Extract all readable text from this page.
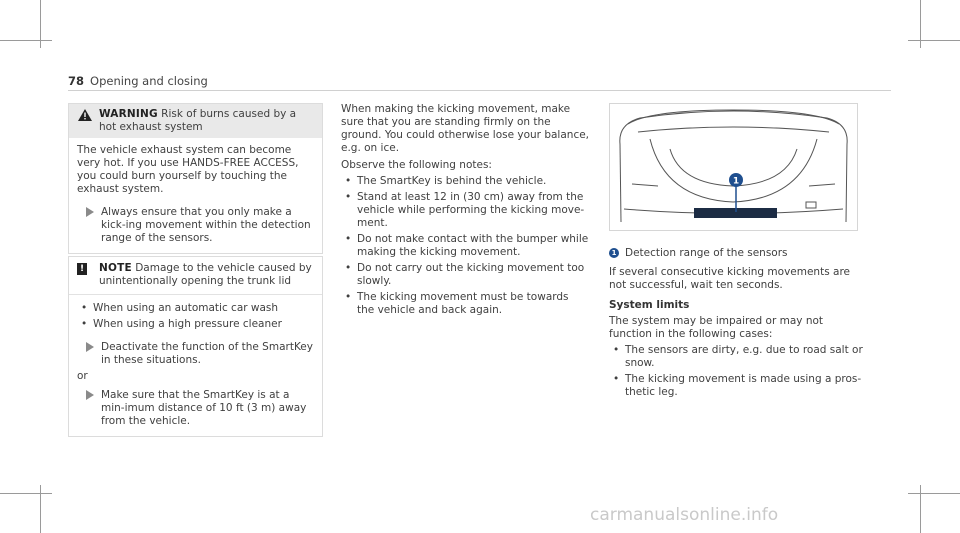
78 Opening and closing
WARNING Risk of burns caused by a hot exhaust system

The vehicle exhaust system can become very hot. If you use HANDS-FREE ACCESS, you could burn yourself by touching the exhaust system.

Always ensure that you only make a kick-ing movement within the detection range of the sensors.
! NOTE Damage to the vehicle caused by unintentionally opening the trunk lid
• When using an automatic car wash
• When using a high pressure cleaner
Deactivate the function of the SmartKey in these situations.

or

Make sure that the SmartKey is at a min-imum distance of 10 ft (3 m) away from the vehicle.

When making the kicking movement, make sure that you are standing firmly on the ground. You could otherwise lose your balance, e.g. on ice.

Observe the following notes:

• The SmartKey is behind the vehicle.
• Stand at least 12 in (30 cm) away from the vehicle while performing the kicking move-ment.
• Do not make contact with the bumper while making the kicking movement.
• Do not carry out the kicking movement too slowly.
• The kicking movement must be towards the vehicle and back again.
1
1 Detection range of the sensors

If several consecutive kicking movements are not successful, wait ten seconds.

System limits

The system may be impaired or may not function in the following cases:

• The sensors are dirty, e.g. due to road salt or snow.
• The kicking movement is made using a pros-thetic leg.
carmanualsonline.info
